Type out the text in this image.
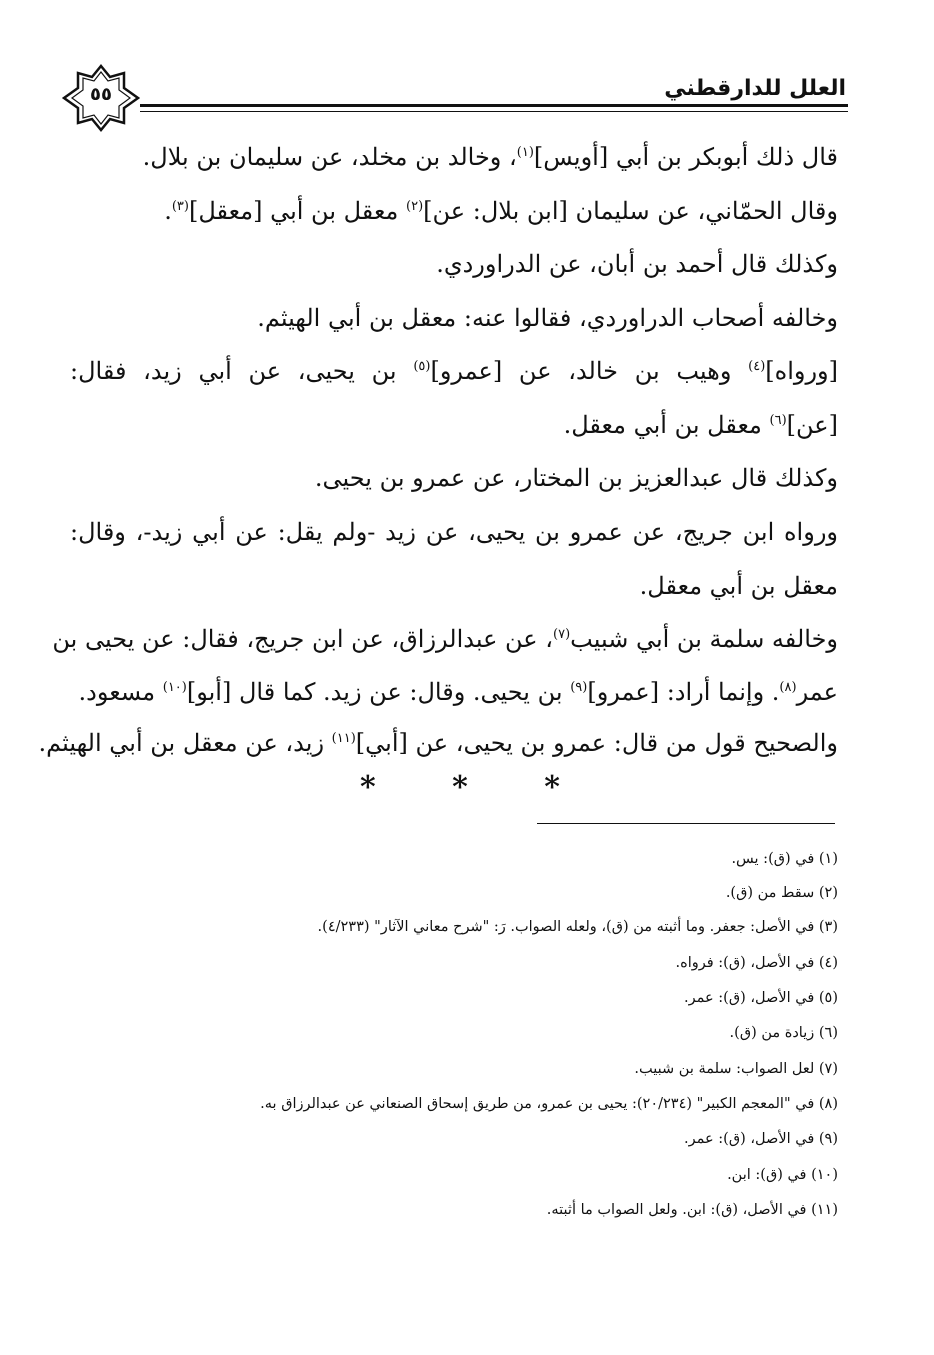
العلل للدارقطني
٥٥
قال ذلك أبوبكر بن أبي [أويس]$^{(١)}$، وخالد بن مخلد، عن سليمان بن بلال.
وقال الحمّاني، عن سليمان [ابن بلال: عن]$^{(٢)}$ معقل بن أبي [معقل]$^{(٣)}$.
وكذلك قال أحمد بن أبان، عن الدراوردي.
وخالفه أصحاب الدراوردي، فقالوا عنه: معقل بن أبي الهيثم.
[ورواه]$^{(٤)}$ وهيب بن خالد، عن [عمرو]$^{(٥)}$ بن يحيى، عن أبي زيد، فقال:
[عن]$^{(٦)}$ معقل بن أبي معقل.
وكذلك قال عبدالعزيز بن المختار، عن عمرو بن يحيى.
ورواه ابن جريج، عن عمرو بن يحيى، عن زيد -ولم يقل: عن أبي زيد-، وقال:
معقل بن أبي معقل.
وخالفه سلمة بن أبي شبيب$^{(٧)}$، عن عبدالرزاق، عن ابن جريج، فقال: عن يحيى بن
عمر$^{(٨)}$. وإنما أراد: [عمرو]$^{(٩)}$ بن يحيى. وقال: عن زيد. كما قال [أبو]$^{(١٠)}$ مسعود.
والصحيح قول من قال: عمرو بن يحيى، عن [أبي]$^{(١١)}$ زيد، عن معقل بن أبي الهيثم.
*	*	*
(١) في (ق): يس.
(٢) سقط من (ق).
(٣) في الأصل: جعفر. وما أثبته من (ق)، ولعله الصواب. رَ: "شرح معاني الآثار" (٤/٢٣٣).
(٤) في الأصل، (ق): فرواه.
(٥) في الأصل، (ق): عمر.
(٦) زيادة من (ق).
(٧) لعل الصواب: سلمة بن شبيب.
(٨) في "المعجم الكبير" (٢٠/٢٣٤): يحيى بن عمرو، من طريق إسحاق الصنعاني عن عبدالرزاق به.
(٩) في الأصل، (ق): عمر.
(١٠) في (ق): ابن.
(١١) في الأصل، (ق): ابن. ولعل الصواب ما أثبته.
